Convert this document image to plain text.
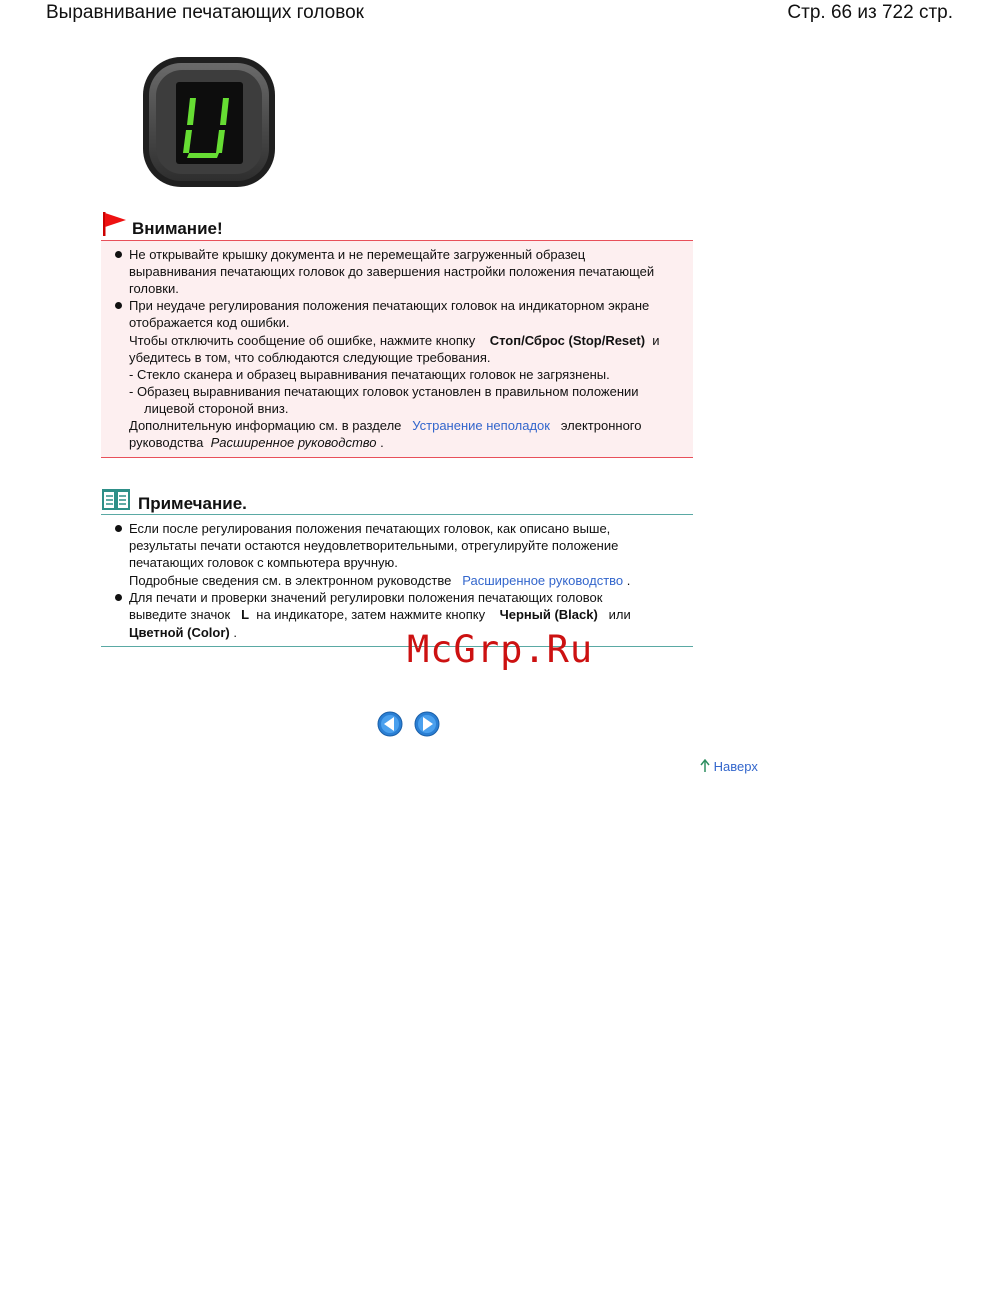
Выравнивание печатающих головок	Стр. 66 из 722 стр.
Внимание!
Не открывайте крышку документа и не перемещайте загруженный образец
выравнивания печатающих головок до завершения настройки положения печатающей
головки.
При неудаче регулирования положения печатающих головок на индикаторном экране
отображается код ошибки.
Чтобы отключить сообщение об ошибке, нажмите кнопку Стоп/Сброс (Stop/Reset) и
убедитесь в том, что соблюдаются следующие требования.
- Стекло сканера и образец выравнивания печатающих головок не загрязнены.
- Образец выравнивания печатающих головок установлен в правильном положении
лицевой стороной вниз.
Дополнительную информацию см. в разделе Устранение неполадок электронного
руководства Расширенное руководство .
Примечание.
Если после регулирования положения печатающих головок, как описано выше,
результаты печати остаются неудовлетворительными, отрегулируйте положение
печатающих головок с компьютера вручную.
Подробные сведения см. в электронном руководстве Расширенное руководство .
Для печати и проверки значений регулировки положения печатающих головок
выведите значок L на индикаторе, затем нажмите кнопку Черный (Black) или
Цветной (Color) .	McGrp.Ru
Наверх
